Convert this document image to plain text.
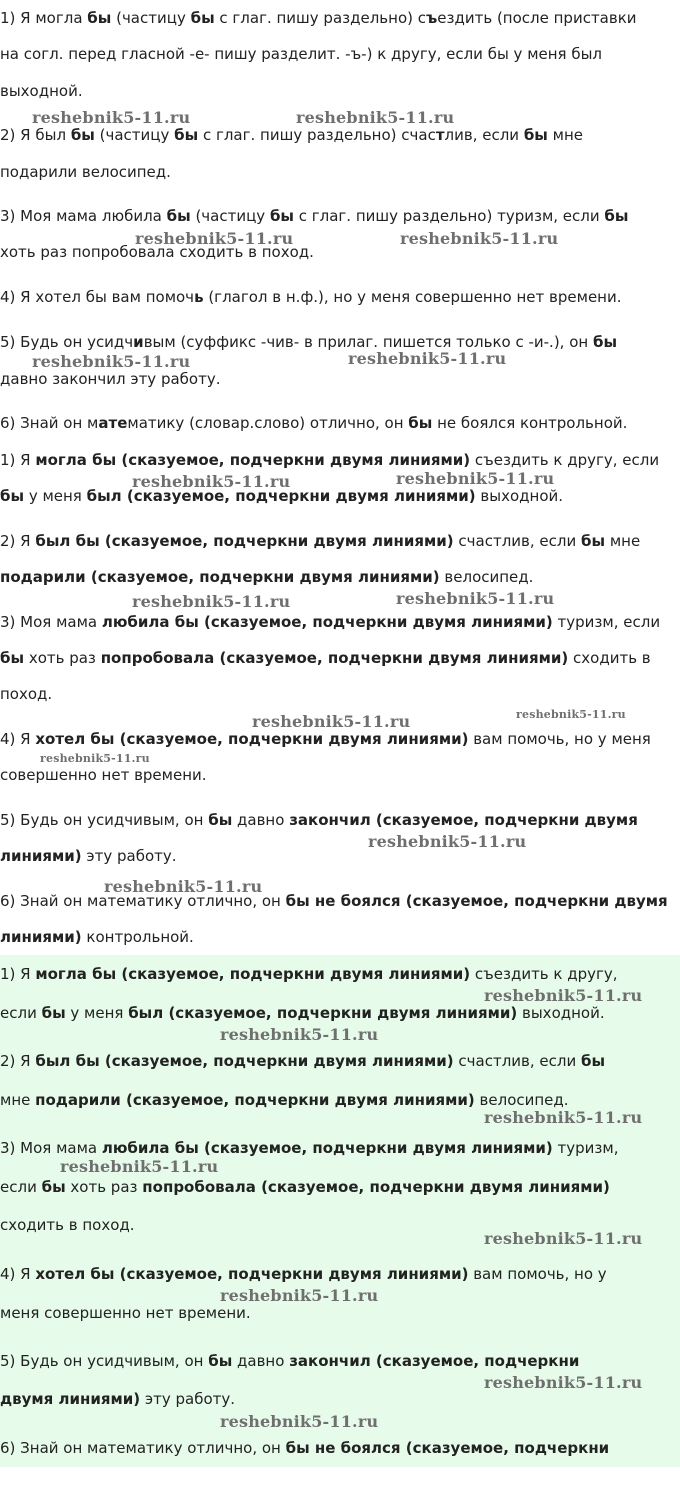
1) Я могла бы (частицу бы с глаг. пишу раздельно) съездить (после приставки
на согл. перед гласной -е- пишу разделит. -ъ-) к другу, если бы у меня был
выходной.
2) Я был бы (частицу бы с глаг. пишу раздельно) счастлив, если бы мне
подарили велосипед.
3) Моя мама любила бы (частицу бы с глаг. пишу раздельно) туризм, если бы
хоть раз попробовала сходить в поход.
4) Я хотел бы вам помочь (глагол в н.ф.), но у меня совершенно нет времени.
5) Будь он усидчивым (суффикс -чив- в прилаг. пишется только с -и-.), он бы
давно закончил эту работу.
6) Знай он математику (словар.слово) отлично, он бы не боялся контрольной.
1) Я могла бы (сказуемое, подчеркни двумя линиями) съездить к другу, если
бы у меня был (сказуемое, подчеркни двумя линиями) выходной.
2) Я был бы (сказуемое, подчеркни двумя линиями) счастлив, если бы мне
подарили (сказуемое, подчеркни двумя линиями) велосипед.
3) Моя мама любила бы (сказуемое, подчеркни двумя линиями) туризм, если
бы хоть раз попробовала (сказуемое, подчеркни двумя линиями) сходить в
поход.
4) Я хотел бы (сказуемое, подчеркни двумя линиями) вам помочь, но у меня
совершенно нет времени.
5) Будь он усидчивым, он бы давно закончил (сказуемое, подчеркни двумя
линиями) эту работу.
6) Знай он математику отлично, он бы не боялся (сказуемое, подчеркни двумя
линиями) контрольной.
1) Я могла бы (сказуемое, подчеркни двумя линиями) съездить к другу,
если бы у меня был (сказуемое, подчеркни двумя линиями) выходной.
2) Я был бы (сказуемое, подчеркни двумя линиями) счастлив, если бы
мне подарили (сказуемое, подчеркни двумя линиями) велосипед.
3) Моя мама любила бы (сказуемое, подчеркни двумя линиями) туризм,
если бы хоть раз попробовала (сказуемое, подчеркни двумя линиями)
сходить в поход.
4) Я хотел бы (сказуемое, подчеркни двумя линиями) вам помочь, но у
меня совершенно нет времени.
5) Будь он усидчивым, он бы давно закончил (сказуемое, подчеркни
двумя линиями) эту работу.
6) Знай он математику отлично, он бы не боялся (сказуемое, подчеркни
reshebnik5-11.ru	reshebnik5-11.ru
reshebnik5-11.ru	reshebnik5-11.ru
reshebnik5-11.ru	reshebnik5-11.ru
reshebnik5-11.ru	reshebnik5-11.ru
reshebnik5-11.ru	reshebnik5-11.ru
reshebnik5-11.ru	reshebnik5-11.ru
reshebnik5-11.ru
reshebnik5-11.ru
reshebnik5-11.ru
reshebnik5-11.ru
reshebnik5-11.ru
reshebnik5-11.ru
reshebnik5-11.ru
reshebnik5-11.ru
reshebnik5-11.ru
reshebnik5-11.ru
reshebnik5-11.ru
